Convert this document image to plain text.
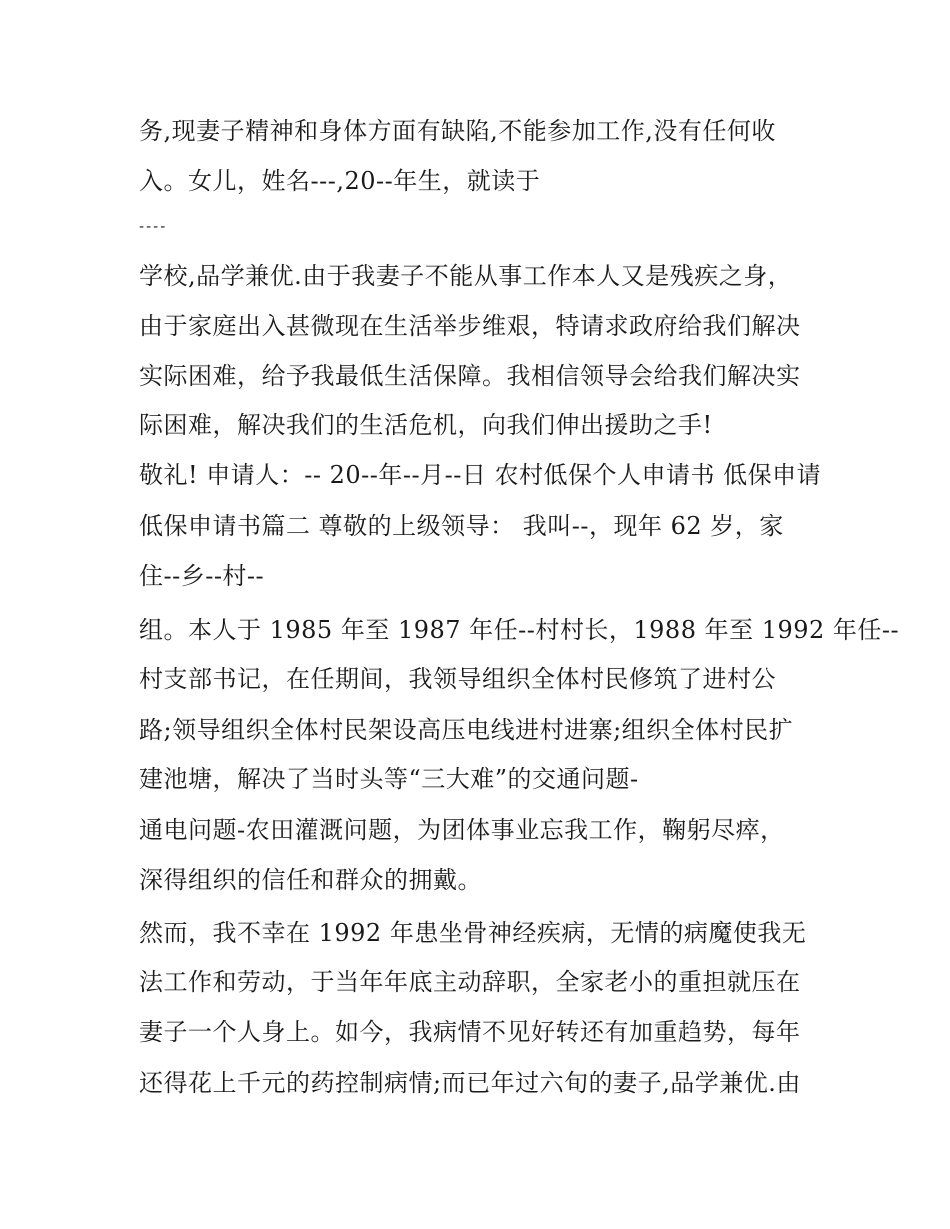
务,现妻子精神和身体方面有缺陷,不能参加工作,没有任何收
入。女儿，姓名---,20--年生，就读于
----
学校,品学兼优.由于我妻子不能从事工作本人又是残疾之身，
由于家庭出入甚微现在生活举步维艰，特请求政府给我们解决
实际困难，给予我最低生活保障。我相信领导会给我们解决实
际困难，解决我们的生活危机，向我们伸出援助之手!
敬礼! 申请人：-- 20--年--月--日 农村低保个人申请书 低保申请
低保申请书篇二 尊敬的上级领导： 我叫--，现年 62 岁，家
住--乡--村--
组。本人于 1985 年至 1987 年任--村村长，1988 年至 1992 年任--
村支部书记，在任期间，我领导组织全体村民修筑了进村公
路;领导组织全体村民架设高压电线进村进寨;组织全体村民扩
建池塘，解决了当时头等“三大难”的交通问题-
通电问题-农田灌溉问题，为团体事业忘我工作，鞠躬尽瘁，
深得组织的信任和群众的拥戴。
然而，我不幸在 1992 年患坐骨神经疾病，无情的病魔使我无
法工作和劳动，于当年年底主动辞职，全家老小的重担就压在
妻子一个人身上。如今，我病情不见好转还有加重趋势，每年
还得花上千元的药控制病情;而已年过六旬的妻子,品学兼优.由
